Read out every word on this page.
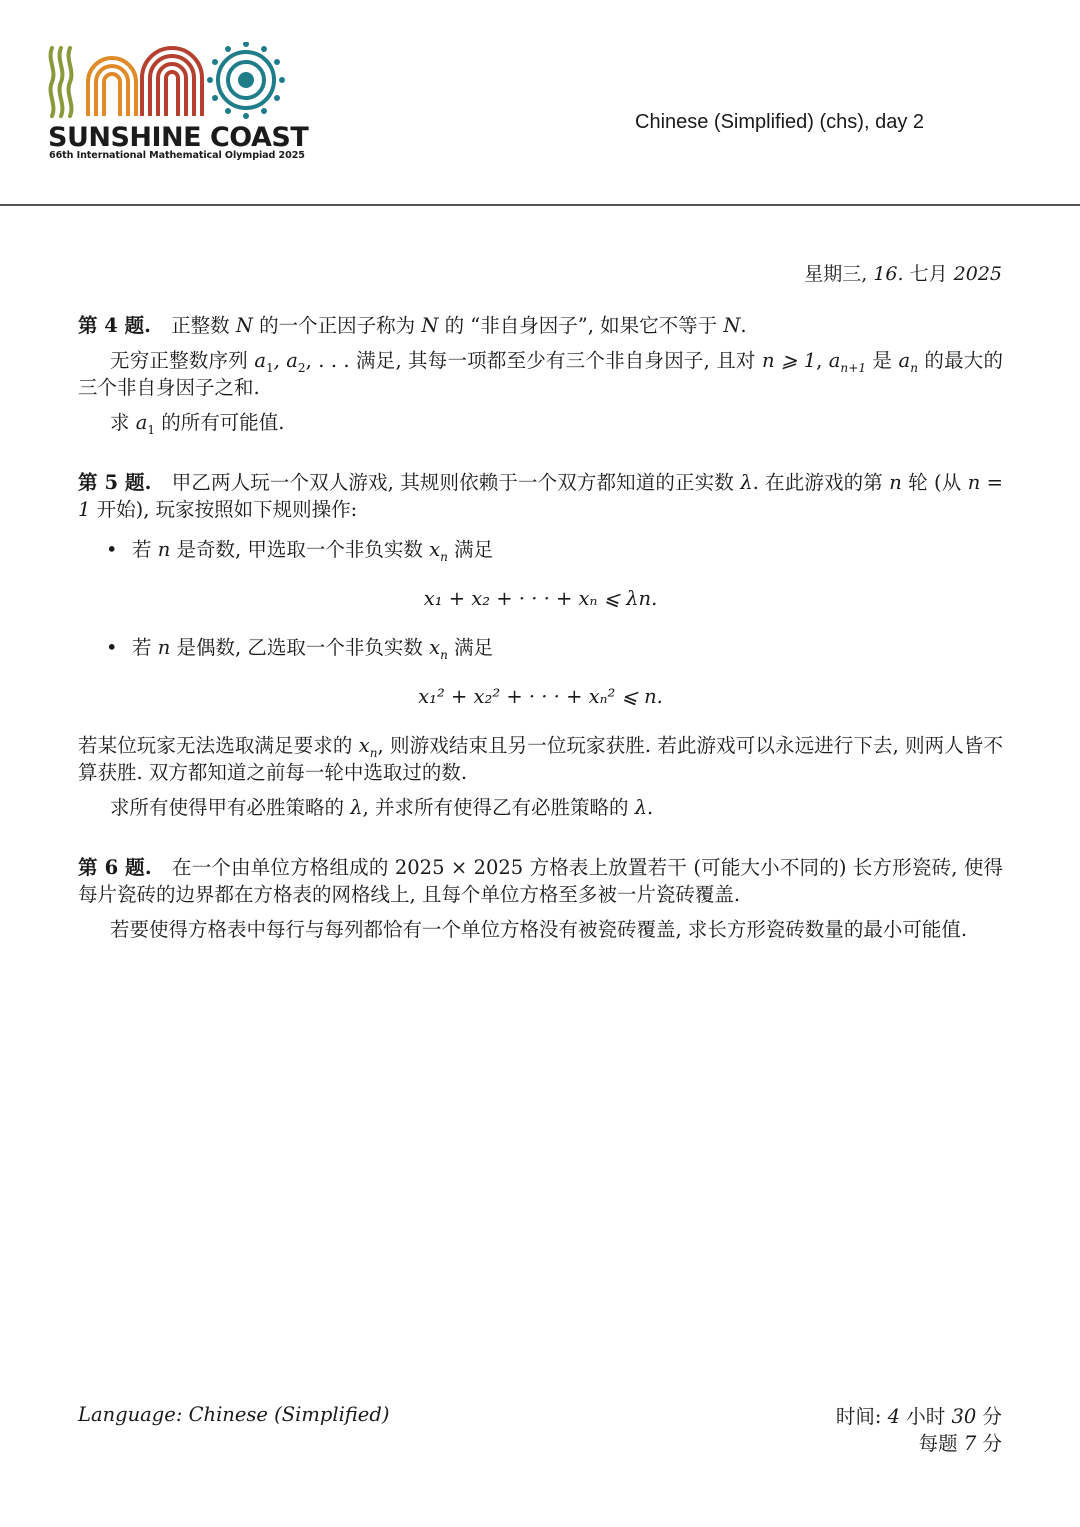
SUNSHINE COAST
66th International Mathematical Olympiad 2025
Chinese (Simplified) (chs), day 2
星期三, 16. 七月 2025

第 4 题. 正整数 N 的一个正因子称为 N 的 “非自身因子”, 如果它不等于 N.

无穷正整数序列 $a_1$, $a_2$, . . . 满足, 其每一项都至少有三个非自身因子, 且对 n ⩾ 1, $a_{n+1}$ 是 $a_n$ 的最大的三个非自身因子之和.

求 $a_1$ 的所有可能值.

第 5 题. 甲乙两人玩一个双人游戏, 其规则依赖于一个双方都知道的正实数 λ. 在此游戏的第 n 轮 (从 n = 1 开始), 玩家按照如下规则操作:

• 若 n 是奇数, 甲选取一个非负实数 $x_n$ 满足

x₁ + x₂ + · · · + xₙ ⩽ λn.

• 若 n 是偶数, 乙选取一个非负实数 $x_n$ 满足

x₁² + x₂² + · · · + xₙ² ⩽ n.

若某位玩家无法选取满足要求的 $x_n$, 则游戏结束且另一位玩家获胜. 若此游戏可以永远进行下去, 则两人皆不算获胜. 双方都知道之前每一轮中选取过的数.

求所有使得甲有必胜策略的 λ, 并求所有使得乙有必胜策略的 λ.

第 6 题. 在一个由单位方格组成的 2025 × 2025 方格表上放置若干 (可能大小不同的) 长方形瓷砖, 使得每片瓷砖的边界都在方格表的网格线上, 且每个单位方格至多被一片瓷砖覆盖.

若要使得方格表中每行与每列都恰有一个单位方格没有被瓷砖覆盖, 求长方形瓷砖数量的最小可能值.

Language: Chinese (Simplified)	时间: 4 小时 30 分
每题 7 分
